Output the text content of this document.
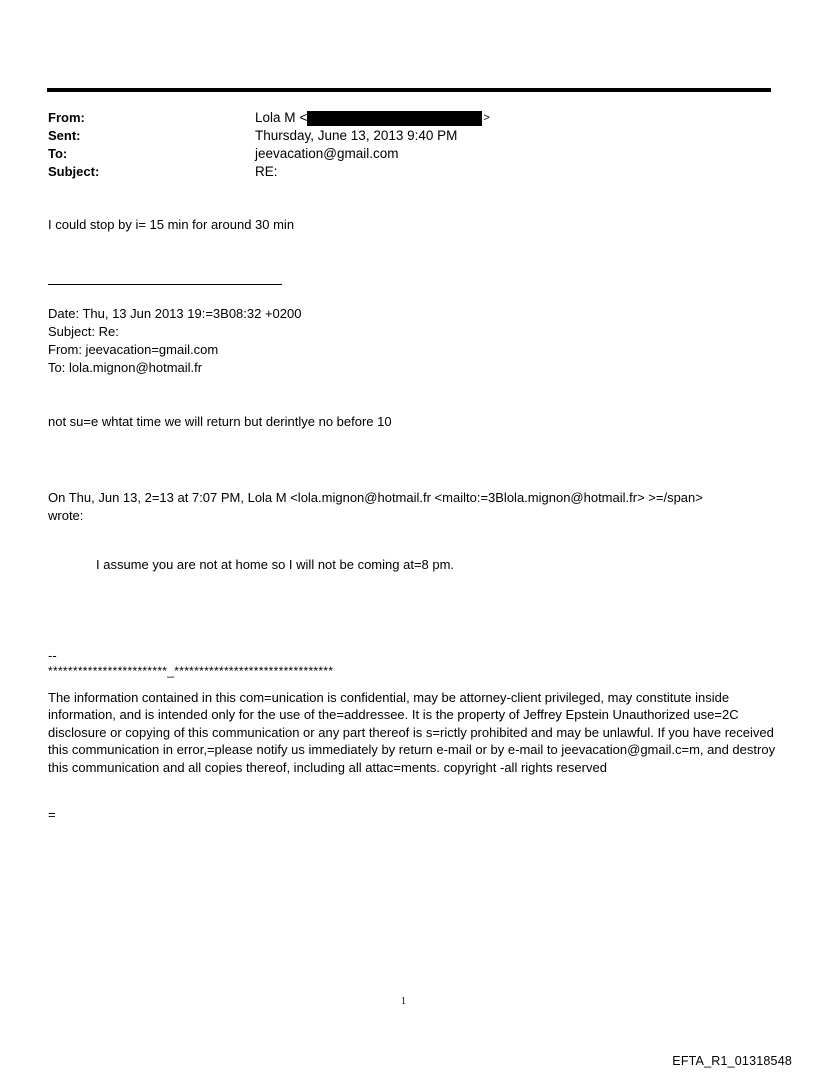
From:	Lola M <	>
Sent:	Thursday, June 13, 2013 9:40 PM
To:	jeevacation@gmail.com
Subject:	RE:
I could stop by i= 15 min for around 30 min
Date: Thu, 13 Jun 2013 19:=3B08:32 +0200
Subject: Re:
From: jeevacation=gmail.com
To: lola.mignon@hotmail.fr
not su=e whtat time we will return but derintlye no before 10
On Thu, Jun 13, 2=13 at 7:07 PM, Lola M <lola.mignon@hotmail.fr <mailto:=3Blola.mignon@hotmail.fr> >=/span>
wrote:
I assume you are not at home so I will not be coming at=8 pm.
--
************************_********************************
The information contained in this com=unication is confidential, may be attorney-client privileged, may constitute inside information, and is intended only for the use of the=addressee. It is the property of Jeffrey Epstein Unauthorized use=2C disclosure or copying of this communication or any part thereof is s=rictly prohibited and may be unlawful. If you have received this communication in error,=please notify us immediately by return e-mail or by e-mail to jeevacation@gmail.c=m, and destroy this communication and all copies thereof, including all attac=ments. copyright -all rights reserved
=
1
EFTA_R1_01318548
